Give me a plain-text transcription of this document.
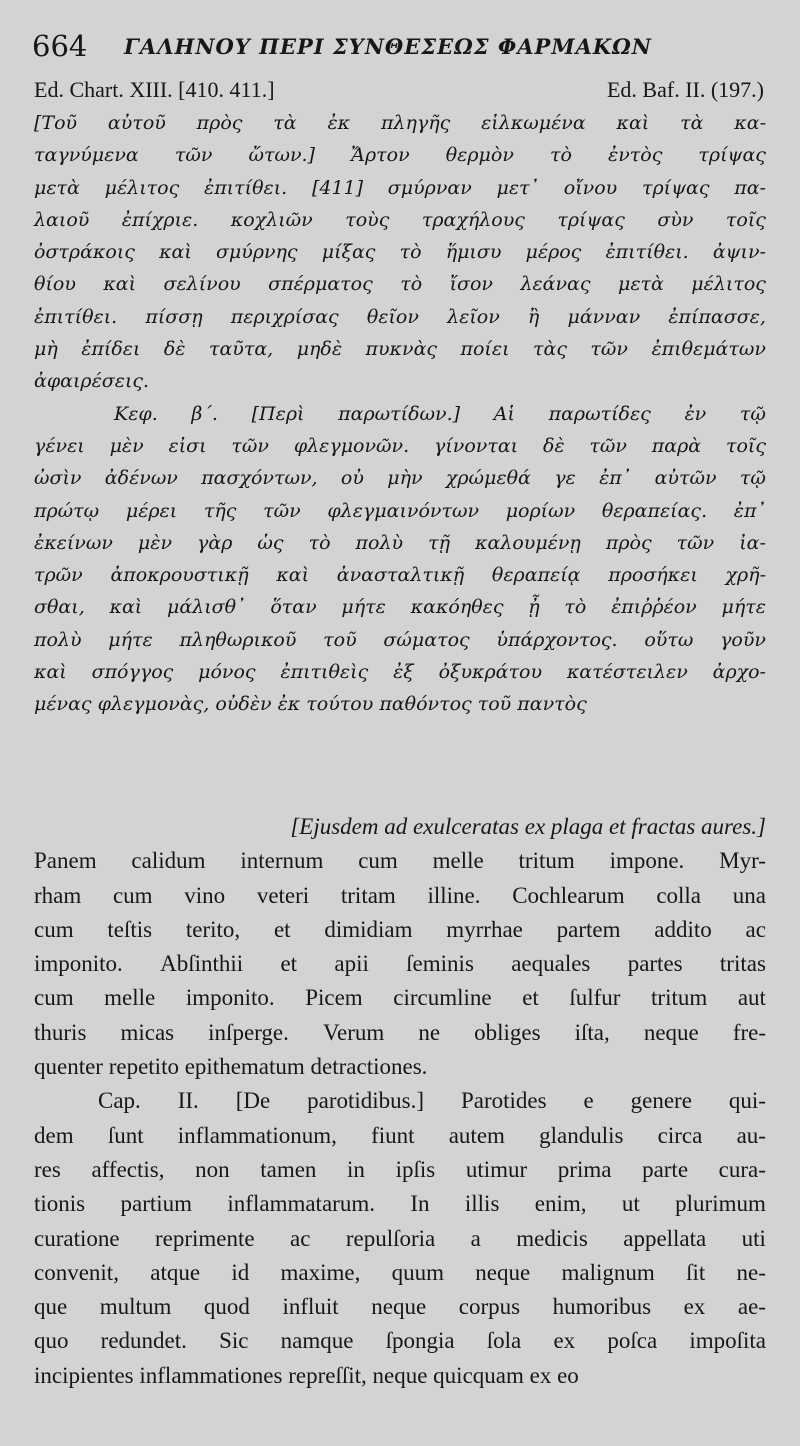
664 ΓΑΛΗΝΟΥ ΠΕΡΙ ΣΥΝΘΕΣΕΩΣ ΦΑΡΜΑΚΩΝ
Ed. Chart. XIII. [410. 411.]	Ed. Baf. II. (197.)
[Τοῦ αὐτοῦ πρὸς τὰ ἐκ πληγῆς εἱλκωμένα καὶ τὰ κα-
ταγνύμενα τῶν ὤτων.] Ἄρτον θερμὸν τὸ ἐντὸς τρίψας
μετὰ μέλιτος ἐπιτίθει. [411] σμύρναν μετ᾽ οἴνου τρίψας πα-
λαιοῦ ἐπίχριε. κοχλιῶν τοὺς τραχήλους τρίψας σὺν τοῖς
ὀστράκοις καὶ σμύρνης μίξας τὸ ἥμισυ μέρος ἐπιτίθει. ἀψιν-
θίου καὶ σελίνου σπέρματος τὸ ἴσον λεάνας μετὰ μέλιτος
ἐπιτίθει. πίσσῃ περιχρίσας θεῖον λεῖον ἢ μάνναν ἐπίπασσε,
μὴ ἐπίδει δὲ ταῦτα, μηδὲ πυκνὰς ποίει τὰς τῶν ἐπιθεμάτων
ἀφαιρέσεις.
Κεφ. β΄. [Περὶ παρωτίδων.] Αἱ παρωτίδες ἐν τῷ
γένει μὲν εἰσι τῶν φλεγμονῶν. γίνονται δὲ τῶν παρὰ τοῖς
ὠσὶν ἀδένων πασχόντων, οὐ μὴν χρώμεθά γε ἐπ᾽ αὐτῶν τῷ
πρώτῳ μέρει τῆς τῶν φλεγμαινόντων μορίων θεραπείας. ἐπ᾽
ἐκείνων μὲν γὰρ ὡς τὸ πολὺ τῇ καλουμένῃ πρὸς τῶν ἰα-
τρῶν ἀποκρουστικῇ καὶ ἀνασταλτικῇ θεραπείᾳ προσήκει χρῆ-
σθαι, καὶ μάλισθ᾽ ὅταν μήτε κακόηθες ᾖ τὸ ἐπιῤῥέον μήτε
πολὺ μήτε πληθωρικοῦ τοῦ σώματος ὑπάρχοντος. οὕτω γοῦν
καὶ σπόγγος μόνος ἐπιτιθεὶς ἐξ ὀξυκράτου κατέστειλεν ἀρχο-
μένας φλεγμονὰς, οὐδὲν ἐκ τούτου παθόντος τοῦ παντὸς
[Ejusdem ad exulceratas ex plaga et fractas aures.]
Panem calidum internum cum melle tritum impone. Myr-
rham cum vino veteri tritam illine. Cochlearum colla una
cum teſtis terito, et dimidiam myrrhae partem addito ac
imponito. Abſinthii et apii ſeminis aequales partes tritas
cum melle imponito. Picem circumline et ſulfur tritum aut
thuris micas inſperge. Verum ne obliges iſta, neque fre-
quenter repetito epithematum detractiones.
Cap. II. [De parotidibus.] Parotides e genere qui-
dem ſunt inflammationum, fiunt autem glandulis circa au-
res affectis, non tamen in ipſis utimur prima parte cura-
tionis partium inflammatarum. In illis enim, ut plurimum
curatione reprimente ac repulſoria a medicis appellata uti
convenit, atque id maxime, quum neque malignum ſit ne-
que multum quod influit neque corpus humoribus ex ae-
quo redundet. Sic namque ſpongia ſola ex poſca impoſita
incipientes inflammationes repreſſit, neque quicquam ex eo
